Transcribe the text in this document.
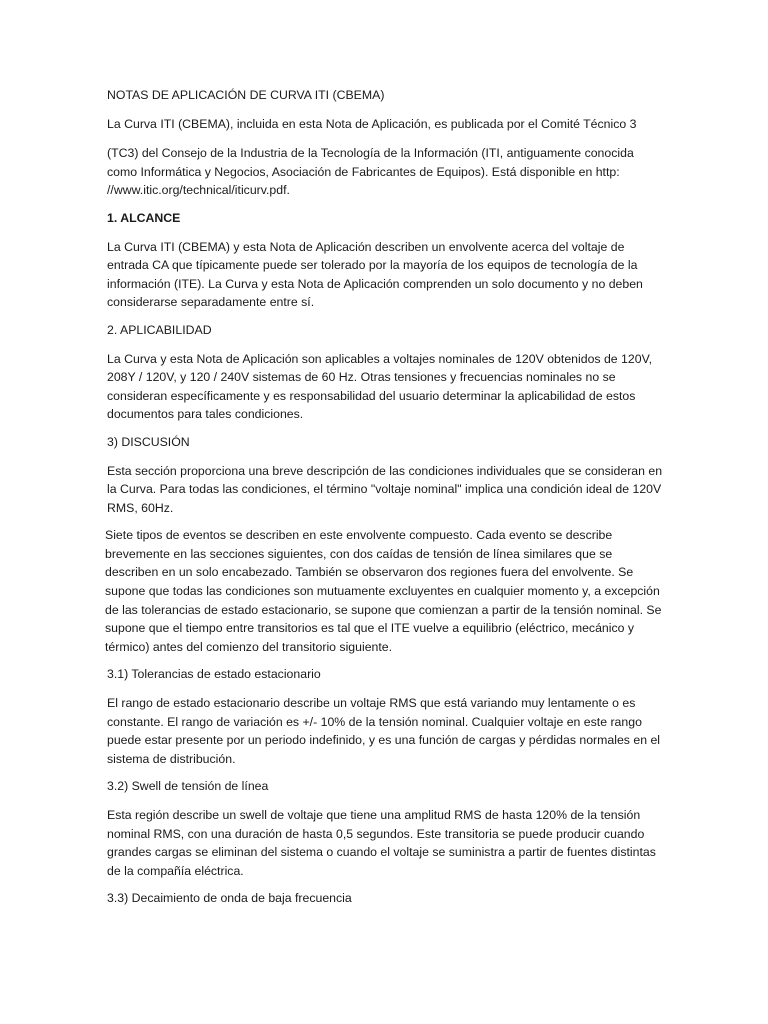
NOTAS DE APLICACIÓN DE CURVA ITI (CBEMA)

La Curva ITI (CBEMA), incluida en esta Nota de Aplicación, es publicada por el Comité Técnico 3

(TC3) del Consejo de la Industria de la Tecnología de la Información (ITI, antiguamente conocida como Informática y Negocios, Asociación de Fabricantes de Equipos). Está disponible en http: //www.itic.org/technical/iticurv.pdf.

1. ALCANCE

La Curva ITI (CBEMA) y esta Nota de Aplicación describen un envolvente acerca del voltaje de entrada CA que típicamente puede ser tolerado por la mayoría de los equipos de tecnología de la información (ITE). La Curva y esta Nota de Aplicación comprenden un solo documento y no deben considerarse separadamente entre sí.

2. APLICABILIDAD

La Curva y esta Nota de Aplicación son aplicables a voltajes nominales de 120V obtenidos de 120V, 208Y / 120V, y 120 / 240V sistemas de 60 Hz. Otras tensiones y frecuencias nominales no se consideran específicamente y es responsabilidad del usuario determinar la aplicabilidad de estos documentos para tales condiciones.

3) DISCUSIÓN

Esta sección proporciona una breve descripción de las condiciones individuales que se consideran en la Curva. Para todas las condiciones, el término "voltaje nominal" implica una condición ideal de 120V RMS, 60Hz.

Siete tipos de eventos se describen en este envolvente compuesto. Cada evento se describe brevemente en las secciones siguientes, con dos caídas de tensión de línea similares que se describen en un solo encabezado. También se observaron dos regiones fuera del envolvente. Se supone que todas las condiciones son mutuamente excluyentes en cualquier momento y, a excepción de las tolerancias de estado estacionario, se supone que comienzan a partir de la tensión nominal. Se supone que el tiempo entre transitorios es tal que el ITE vuelve a equilibrio (eléctrico, mecánico y térmico) antes del comienzo del transitorio siguiente.

3.1) Tolerancias de estado estacionario

El rango de estado estacionario describe un voltaje RMS que está variando muy lentamente o es constante. El rango de variación es +/- 10% de la tensión nominal. Cualquier voltaje en este rango puede estar presente por un periodo indefinido, y es una función de cargas y pérdidas normales en el sistema de distribución.

3.2) Swell de tensión de línea

Esta región describe un swell de voltaje que tiene una amplitud RMS de hasta 120% de la tensión nominal RMS, con una duración de hasta 0,5 segundos. Este transitoria se puede producir cuando grandes cargas se eliminan del sistema o cuando el voltaje se suministra a partir de fuentes distintas de la compañía eléctrica.

3.3) Decaimiento de onda de baja frecuencia
